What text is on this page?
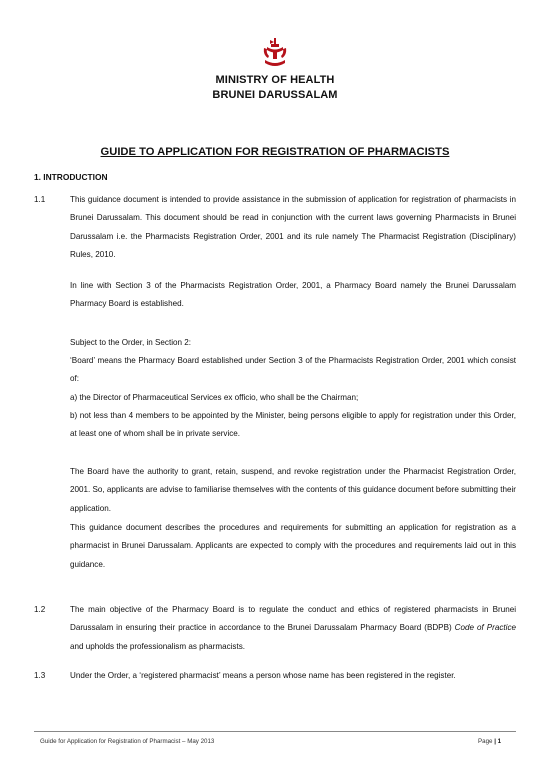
MINISTRY OF HEALTH
BRUNEI DARUSSALAM
GUIDE TO APPLICATION FOR REGISTRATION OF PHARMACISTS
1. INTRODUCTION
1.1	This guidance document is intended to provide assistance in the submission of application for registration of pharmacists in Brunei Darussalam. This document should be read in conjunction with the current laws governing Pharmacists in Brunei Darussalam i.e. the Pharmacists Registration Order, 2001 and its rule namely The Pharmacist Registration (Disciplinary) Rules, 2010.
In line with Section 3 of the Pharmacists Registration Order, 2001, a Pharmacy Board namely the Brunei Darussalam Pharmacy Board is established.
Subject to the Order, in Section 2:
‘Board’ means the Pharmacy Board established under Section 3 of the Pharmacists Registration Order, 2001 which consist of:
a) the Director of Pharmaceutical Services ex officio, who shall be the Chairman;
b) not less than 4 members to be appointed by the Minister, being persons eligible to apply for registration under this Order, at least one of whom shall be in private service.
The Board have the authority to grant, retain, suspend, and revoke registration under the Pharmacist Registration Order, 2001. So, applicants are advise to familiarise themselves with the contents of this guidance document before submitting their application.
This guidance document describes the procedures and requirements for submitting an application for registration as a pharmacist in Brunei Darussalam. Applicants are expected to comply with the procedures and requirements laid out in this guidance.
1.2	The main objective of the Pharmacy Board is to regulate the conduct and ethics of registered pharmacists in Brunei Darussalam in ensuring their practice in accordance to the Brunei Darussalam Pharmacy Board (BDPB) Code of Practice and upholds the professionalism as pharmacists.
1.3	Under the Order, a ‘registered pharmacist’ means a person whose name has been registered in the register.
Guide for Application for Registration of Pharmacist – May 2013	Page | 1
